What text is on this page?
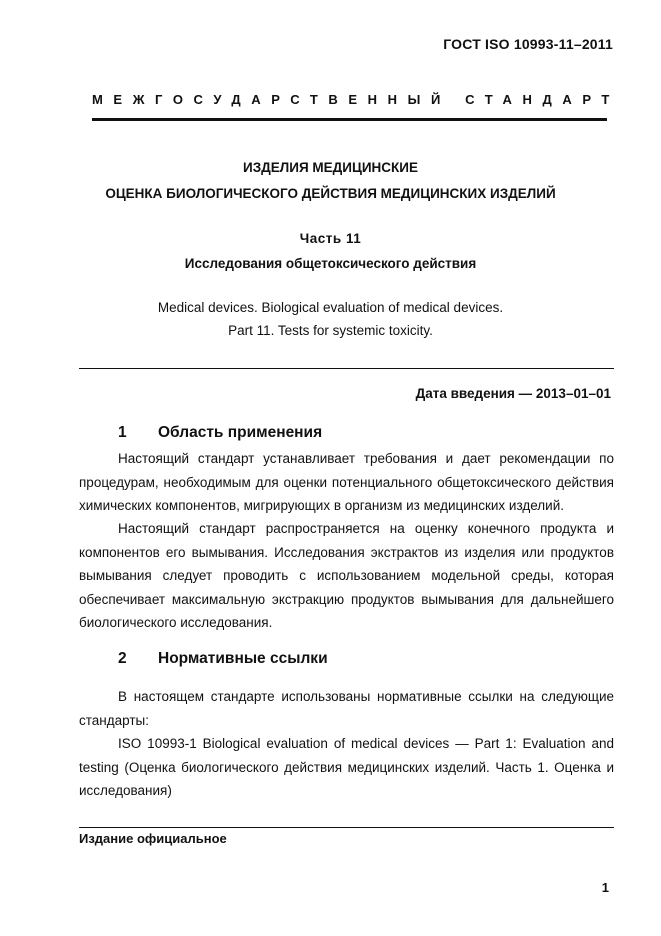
ГОСТ ISO 10993-11–2011
МЕЖГОСУДАРСТВЕННЫЙ СТАНДАРТ
ИЗДЕЛИЯ МЕДИЦИНСКИЕ
ОЦЕНКА БИОЛОГИЧЕСКОГО ДЕЙСТВИЯ МЕДИЦИНСКИХ ИЗДЕЛИЙ
Часть 11
Исследования общетоксического действия
Medical devices. Biological evaluation of medical devices.
Part 11. Tests for systemic toxicity.
Дата введения — 2013–01–01
1 Область применения
Настоящий стандарт устанавливает требования и дает рекомендации по процедурам, необходимым для оценки потенциального общетоксического действия химических компонентов, мигрирующих в организм из медицинских изделий.
Настоящий стандарт распространяется на оценку конечного продукта и компонентов его вымывания. Исследования экстрактов из изделия или продуктов вымывания следует проводить с использованием модельной среды, которая обеспечивает максимальную экстракцию продуктов вымывания для дальнейшего биологического исследования.
2 Нормативные ссылки
В настоящем стандарте использованы нормативные ссылки на следующие стандарты:
ISO 10993-1 Biological evaluation of medical devices — Part 1: Evaluation and testing (Оценка биологического действия медицинских изделий. Часть 1. Оценка и исследования)
Издание официальное
1
